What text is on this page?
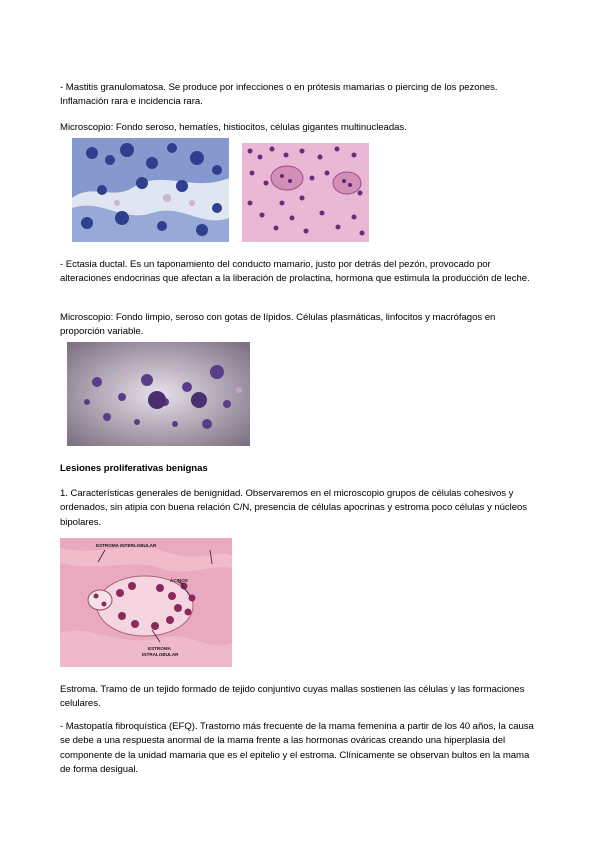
- Mastitis granulomatosa. Se produce por infecciones o en prótesis mamarias o piercing de los pezones. Inflamación rara e incidencia rara.
Microscopio: Fondo seroso, hematíes, histiocitos, células gigantes multinucleadas.
- Ectasia ductal. Es un taponamiento del conducto mamario, justo por detrás del pezón, provocado por alteraciones endocrinas que afectan a la liberación de prolactina, hormona que estimula la producción de leche.
Microscopio: Fondo limpio, seroso con gotas de lípidos. Células plasmáticas, linfocitos y macrófagos en proporción variable.
Lesiones proliferativas benignas
1. Características generales de benignidad. Observaremos en el microscopio grupos de células cohesivos y ordenados, sin atipia con buena relación C/N, presencia de células apocrinas y estroma poco células y núcleos bipolares.
ESTROMA INTERLOBULAR
ÁCINOS
ESTROMA
INTRALOBULAR
Estroma. Tramo de un tejido formado de tejido conjuntivo cuyas mallas sostienen las células y las formaciones celulares.
- Mastopatía fibroquística (EFQ). Trastorno más frecuente de la mama femenina a partir de los 40 años, la causa se debe a una respuesta anormal de la mama frente a las hormonas ováricas creando una hiperplasia del componente de la unidad mamaria que es el epitelio y el estroma. Clínicamente se observan bultos en la mama de forma desigual.
